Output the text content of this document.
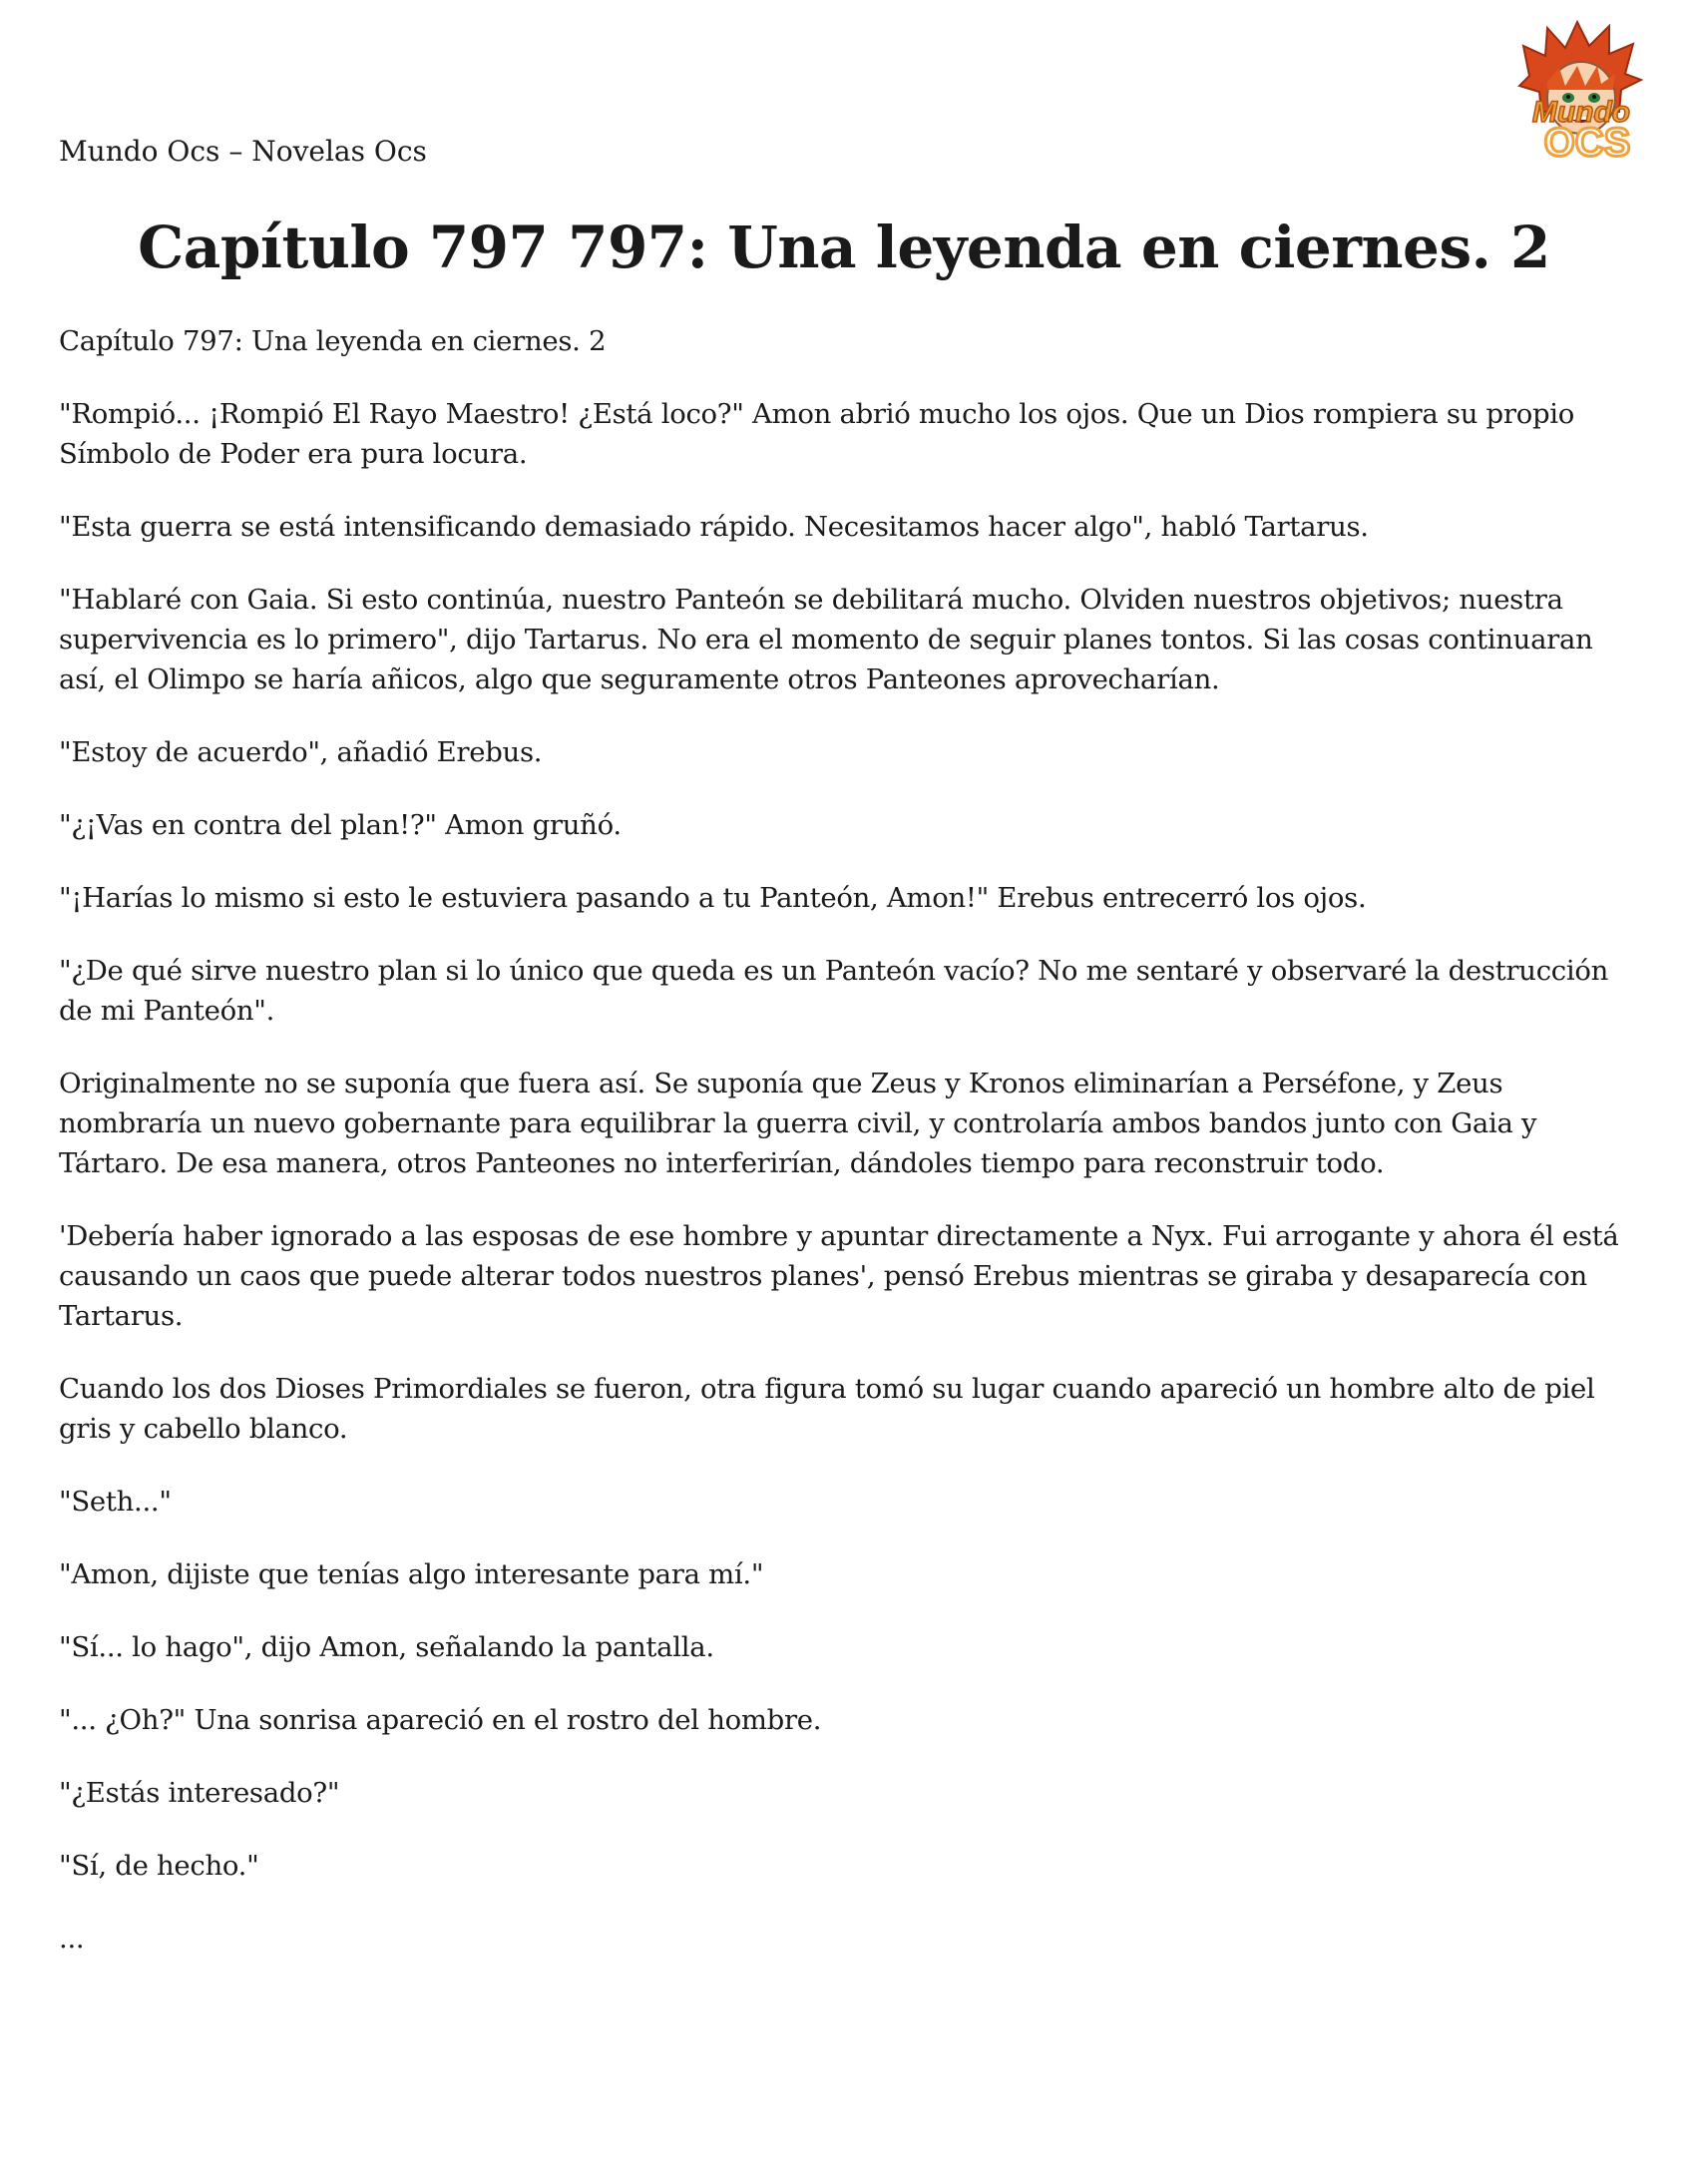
Mundo Ocs – Novelas Ocs
Mundo
OCS
Capítulo 797 797: Una leyenda en ciernes. 2

Capítulo 797: Una leyenda en ciernes. 2

"Rompió... ¡Rompió El Rayo Maestro! ¿Está loco?" Amon abrió mucho los ojos. Que un Dios rompiera su propio Símbolo de Poder era pura locura.

"Esta guerra se está intensificando demasiado rápido. Necesitamos hacer algo", habló Tartarus.

"Hablaré con Gaia. Si esto continúa, nuestro Panteón se debilitará mucho. Olviden nuestros objetivos; nuestra supervivencia es lo primero", dijo Tartarus. No era el momento de seguir planes tontos. Si las cosas continuaran así, el Olimpo se haría añicos, algo que seguramente otros Panteones aprovecharían.

"Estoy de acuerdo", añadió Erebus.

"¿¡Vas en contra del plan!?" Amon gruñó.

"¡Harías lo mismo si esto le estuviera pasando a tu Panteón, Amon!" Erebus entrecerró los ojos.

"¿De qué sirve nuestro plan si lo único que queda es un Panteón vacío? No me sentaré y observaré la destrucción de mi Panteón".

Originalmente no se suponía que fuera así. Se suponía que Zeus y Kronos eliminarían a Perséfone, y Zeus nombraría un nuevo gobernante para equilibrar la guerra civil, y controlaría ambos bandos junto con Gaia y Tártaro. De esa manera, otros Panteones no interferirían, dándoles tiempo para reconstruir todo.

'Debería haber ignorado a las esposas de ese hombre y apuntar directamente a Nyx. Fui arrogante y ahora él está causando un caos que puede alterar todos nuestros planes', pensó Erebus mientras se giraba y desaparecía con Tartarus.

Cuando los dos Dioses Primordiales se fueron, otra figura tomó su lugar cuando apareció un hombre alto de piel gris y cabello blanco.

"Seth..."

"Amon, dijiste que tenías algo interesante para mí."

"Sí... lo hago", dijo Amon, señalando la pantalla.

"... ¿Oh?" Una sonrisa apareció en el rostro del hombre.

"¿Estás interesado?"

"Sí, de hecho."

...
